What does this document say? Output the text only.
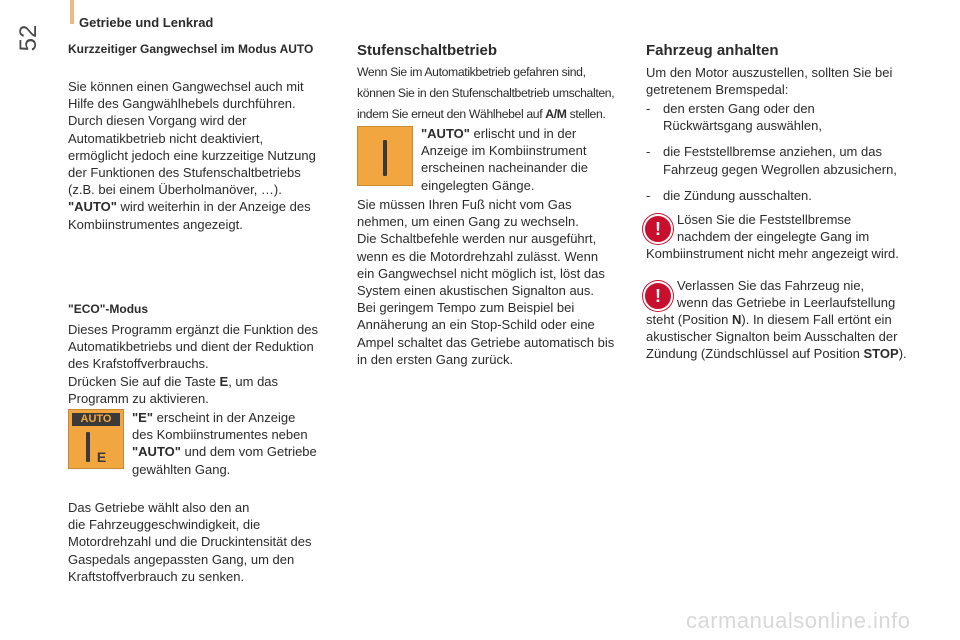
52
Getriebe und Lenkrad
Kurzzeitiger Gangwechsel im Modus AUTO

Sie können einen Gangwechsel auch mit

Hilfe des Gangwählhebels durchführen.

Durch diesen Vorgang wird der

Automatikbetrieb nicht deaktiviert,

ermöglicht jedoch eine kurzzeitige Nutzung

der Funktionen des Stufenschaltbetriebs

(z.B. bei einem Überholmanöver, …).

"AUTO" wird weiterhin in der Anzeige des

Kombiinstrumentes angezeigt.

"ECO"-Modus

Dieses Programm ergänzt die Funktion des

Automatikbetriebs und dient der Reduktion

des Krafstoffverbrauchs.

Drücken Sie auf die Taste E, um das

Programm zu aktivieren.

AUTO
E

"E" erscheint in der Anzeige

des Kombiinstrumentes neben

"AUTO" und dem vom Getriebe

gewählten Gang.

Das Getriebe wählt also den an

die Fahrzeuggeschwindigkeit, die

Motordrehzahl und die Druckintensität des

Gaspedals angepassten Gang, um den

Kraftstoffverbrauch zu senken.

Stufenschaltbetrieb

Wenn Sie im Automatikbetrieb gefahren sind,

können Sie in den Stufenschaltbetrieb umschalten,

indem Sie erneut den Wählhebel auf A/M stellen.

"AUTO" erlischt und in der

Anzeige im Kombiinstrument

erscheinen nacheinander die

eingelegten Gänge.

Sie müssen Ihren Fuß nicht vom Gas

nehmen, um einen Gang zu wechseln.

Die Schaltbefehle werden nur ausgeführt,

wenn es die Motordrehzahl zulässt. Wenn

ein Gangwechsel nicht möglich ist, löst das

System einen akustischen Signalton aus.

Bei geringem Tempo zum Beispiel bei

Annäherung an ein Stop-Schild oder eine

Ampel schaltet das Getriebe automatisch bis

in den ersten Gang zurück.

Fahrzeug anhalten

Um den Motor auszustellen, sollten Sie bei

getretenem Bremspedal:

- den ersten Gang oder den
Rückwärtsgang auswählen,
- die Feststellbremse anziehen, um das
Fahrzeug gegen Wegrollen abzusichern,
- die Zündung ausschalten.
!	Lösen Sie die Feststellbremse

nachdem der eingelegte Gang im

Kombiinstrument nicht mehr angezeigt wird.

!	Verlassen Sie das Fahrzeug nie,

wenn das Getriebe in Leerlaufstellung

steht (Position N). In diesem Fall ertönt ein

akustischer Signalton beim Ausschalten der

Zündung (Zündschlüssel auf Position STOP).

carmanualsonline.info
